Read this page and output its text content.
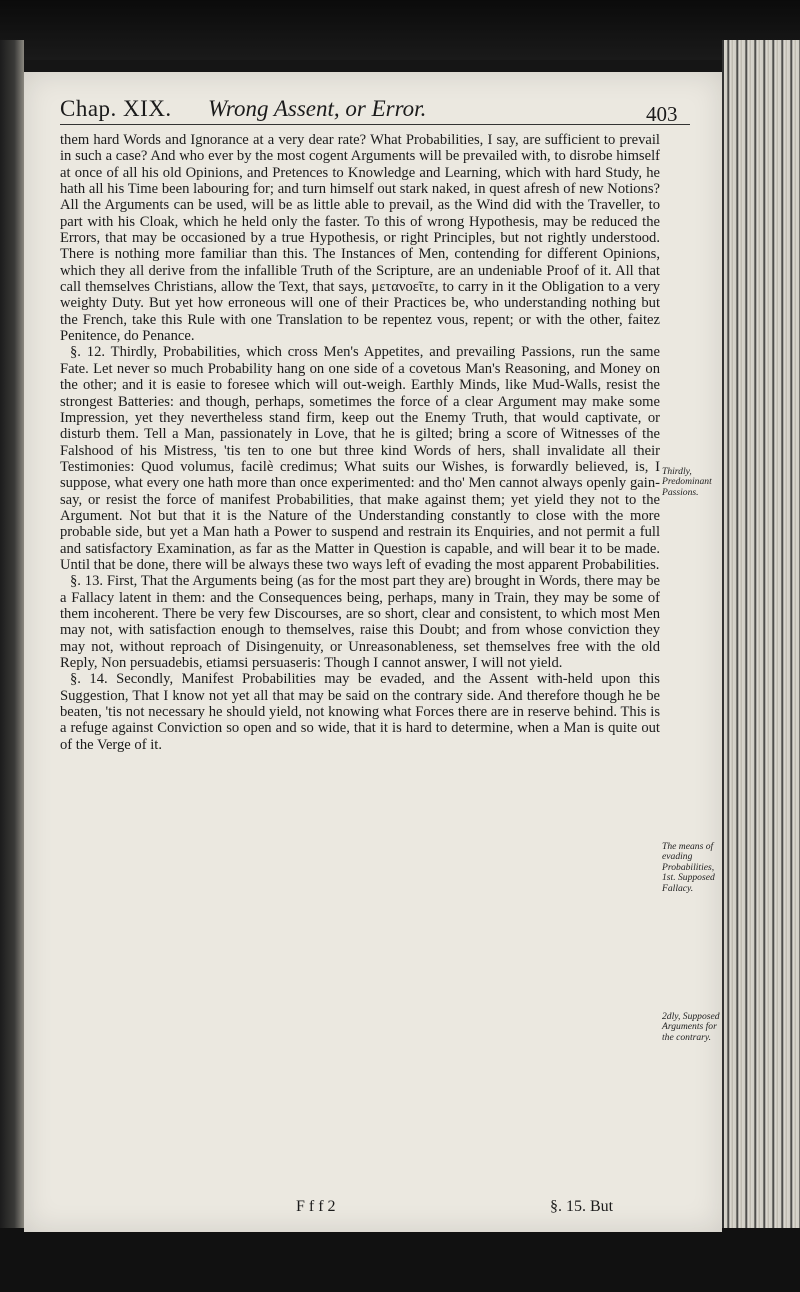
Chap. XIX. Wrong Assent, or Error.	403

them hard Words and Ignorance at a very dear rate? What Probabilities, I say, are sufficient to prevail in such a case? And who ever by the most cogent Arguments will be prevailed with, to disrobe himself at once of all his old Opinions, and Pretences to Knowledge and Learning, which with hard Study, he hath all his Time been labouring for; and turn himself out stark naked, in quest afresh of new Notions? All the Arguments can be used, will be as little able to prevail, as the Wind did with the Traveller, to part with his Cloak, which he held only the faster. To this of wrong Hypothesis, may be reduced the Errors, that may be occasioned by a true Hypothesis, or right Principles, but not rightly understood. There is nothing more familiar than this. The Instances of Men, contending for different Opinions, which they all derive from the infallible Truth of the Scripture, are an undeniable Proof of it. All that call themselves Christians, allow the Text, that says, μετανοεῖτε, to carry in it the Obligation to a very weighty Duty. But yet how erroneous will one of their Practices be, who understanding nothing but the French, take this Rule with one Translation to be repentez vous, repent; or with the other, faitez Penitence, do Penance.

§. 12. Thirdly, Probabilities, which cross Men's Appetites, and prevailing Passions, run the same Fate. Let never so much Probability hang on one side of a covetous Man's Reasoning, and Money on the other; and it is easie to foresee which will out-weigh. Earthly Minds, like Mud-Walls, resist the strongest Batteries: and though, perhaps, sometimes the force of a clear Argument may make some Impression, yet they nevertheless stand firm, keep out the Enemy Truth, that would captivate, or disturb them. Tell a Man, passionately in Love, that he is gilted; bring a score of Witnesses of the Falshood of his Mistress, 'tis ten to one but three kind Words of hers, shall invalidate all their Testimonies: Quod volumus, facilè credimus; What suits our Wishes, is forwardly believed, is, I suppose, what every one hath more than once experimented: and tho' Men cannot always openly gain-say, or resist the force of manifest Probabilities, that make against them; yet yield they not to the Argument. Not but that it is the Nature of the Understanding constantly to close with the more probable side, but yet a Man hath a Power to suspend and restrain its Enquiries, and not permit a full and satisfactory Examination, as far as the Matter in Question is capable, and will bear it to be made. Until that be done, there will be always these two ways left of evading the most apparent Probabilities.

§. 13. First, That the Arguments being (as for the most part they are) brought in Words, there may be a Fallacy latent in them: and the Consequences being, perhaps, many in Train, they may be some of them incoherent. There be very few Discourses, are so short, clear and consistent, to which most Men may not, with satisfaction enough to themselves, raise this Doubt; and from whose conviction they may not, without reproach of Disingenuity, or Unreasonableness, set themselves free with the old Reply, Non persuadebis, etiamsi persuaseris: Though I cannot answer, I will not yield.

§. 14. Secondly, Manifest Probabilities may be evaded, and the Assent with-held upon this Suggestion, That I know not yet all that may be said on the contrary side. And therefore though he be beaten, 'tis not necessary he should yield, not knowing what Forces there are in reserve behind. This is a refuge against Conviction so open and so wide, that it is hard to determine, when a Man is quite out of the Verge of it.

Thirdly, Predominant Passions.
The means of evading Probabilities, 1st. Supposed Fallacy.
2dly, Supposed Arguments for the contrary.
F f f 2	§. 15. But
